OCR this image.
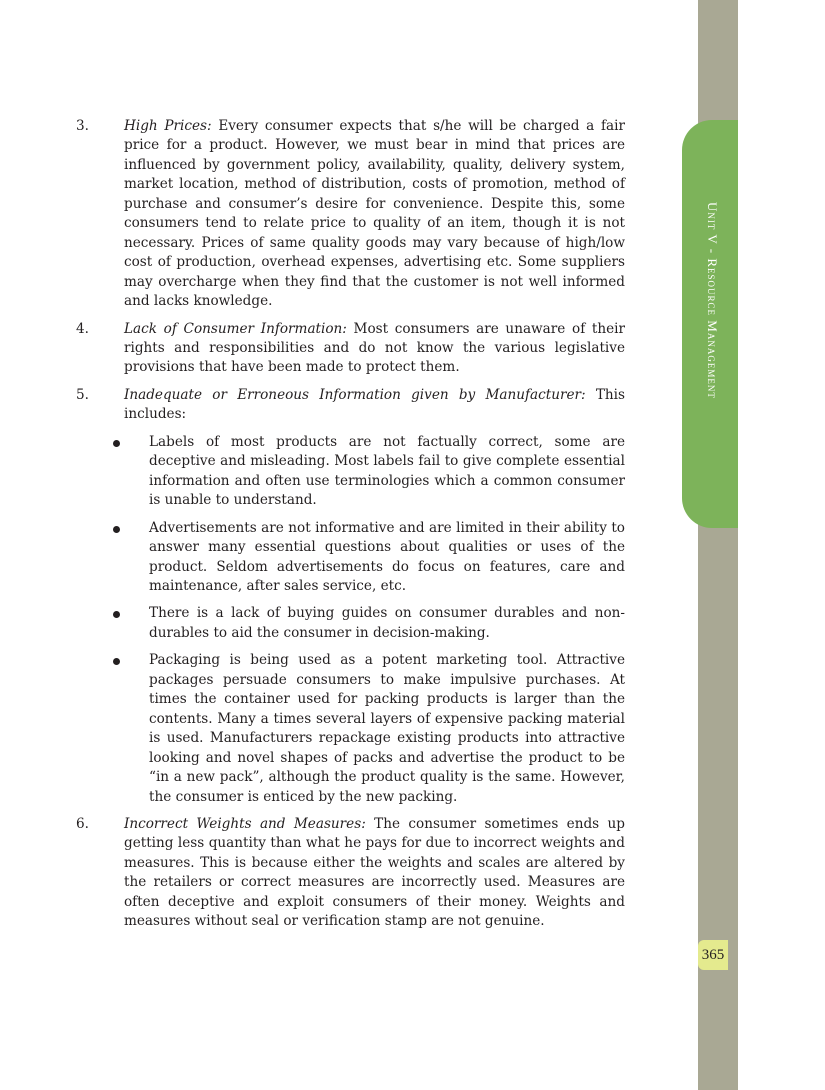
Unit V - Resource Management
365
3.	High Prices: Every consumer expects that s/he will be charged a fair price for a product. However, we must bear in mind that prices are influenced by government policy, availability, quality, delivery system, market location, method of distribution, costs of promotion, method of purchase and consumer’s desire for convenience. Despite this, some consumers tend to relate price to quality of an item, though it is not necessary. Prices of same quality goods may vary because of high/low cost of production, overhead expenses, advertising etc. Some suppliers may overcharge when they find that the customer is not well informed and lacks knowledge.
4.	Lack of Consumer Information: Most consumers are unaware of their rights and responsibilities and do not know the various legislative provisions that have been made to protect them.
5.	Inadequate or Erroneous Information given by Manufacturer: This includes:
Labels of most products are not factually correct, some are deceptive and misleading. Most labels fail to give complete essential information and often use terminologies which a common consumer is unable to understand.
Advertisements are not informative and are limited in their ability to answer many essential questions about qualities or uses of the product. Seldom advertisements do focus on features, care and maintenance, after sales service, etc.
There is a lack of buying guides on consumer durables and non-durables to aid the consumer in decision-making.
Packaging is being used as a potent marketing tool. Attractive packages persuade consumers to make impulsive purchases. At times the container used for packing products is larger than the contents. Many a times several layers of expensive packing material is used. Manufacturers repackage existing products into attractive looking and novel shapes of packs and advertise the product to be “in a new pack”, although the product quality is the same. However, the consumer is enticed by the new packing.
6.	Incorrect Weights and Measures: The consumer sometimes ends up getting less quantity than what he pays for due to incorrect weights and measures. This is because either the weights and scales are altered by the retailers or correct measures are incorrectly used. Measures are often deceptive and exploit consumers of their money. Weights and measures without seal or verification stamp are not genuine.
